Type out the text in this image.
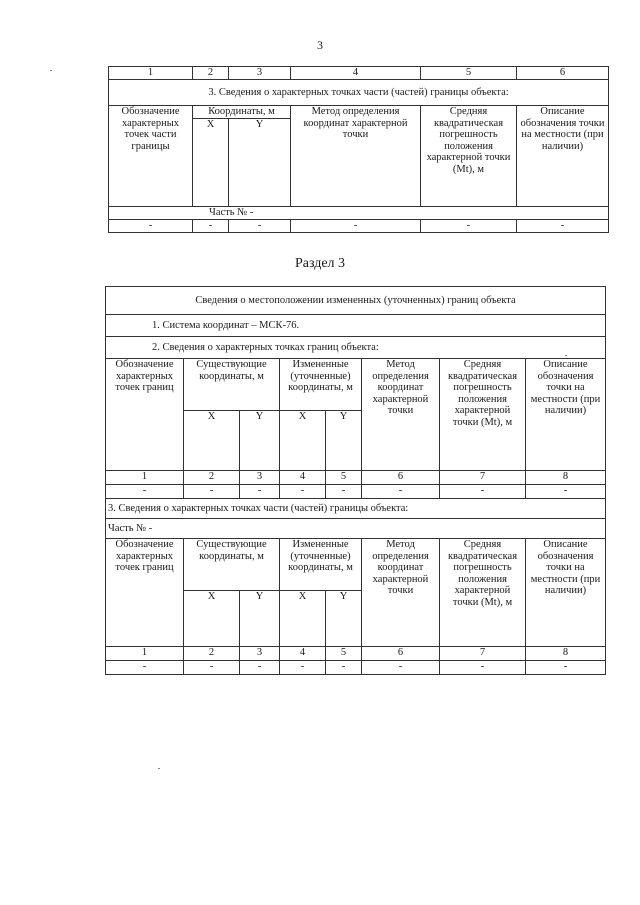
3
1	2	3	4	5	6
3. Сведения о характерных точках части (частей) границы объекта:					
Обозначение характерных точек части границы	Координаты, м		Метод определения координат характерной точки	Средняя квадратическая погрешность положения характерной точки (Mt), м	Описание обозначения точки на местности (при наличии)
	X	Y			
Часть № -					
-	-	-	-	-	-
Раздел 3
Сведения о местоположении измененных (уточненных) границ объекта							
1. Система координат – МСК-76.							
2. Сведения о характерных точках границ объекта:							
Обозначение характерных точек границ	Существующие координаты, м		Измененные (уточненные) координаты, м		Метод определения координат характерной точки	Средняя квадратическая погрешность положения характерной точки (Mt), м	Описание обозначения точки на местности (при наличии)
	X	Y	X	Y			
1	2	3	4	5	6	7	8
-	-	-	-	-	-	-	-
3. Сведения о характерных точках части (частей) границы объекта:							
Часть № -							
Обозначение характерных точек границ	Существующие координаты, м		Измененные (уточненные) координаты, м		Метод определения координат характерной точки	Средняя квадратическая погрешность положения характерной точки (Mt), м	Описание обозначения точки на местности (при наличии)
	X	Y	X	Y			
1	2	3	4	5	6	7	8
-	-	-	-	-	-	-	-
